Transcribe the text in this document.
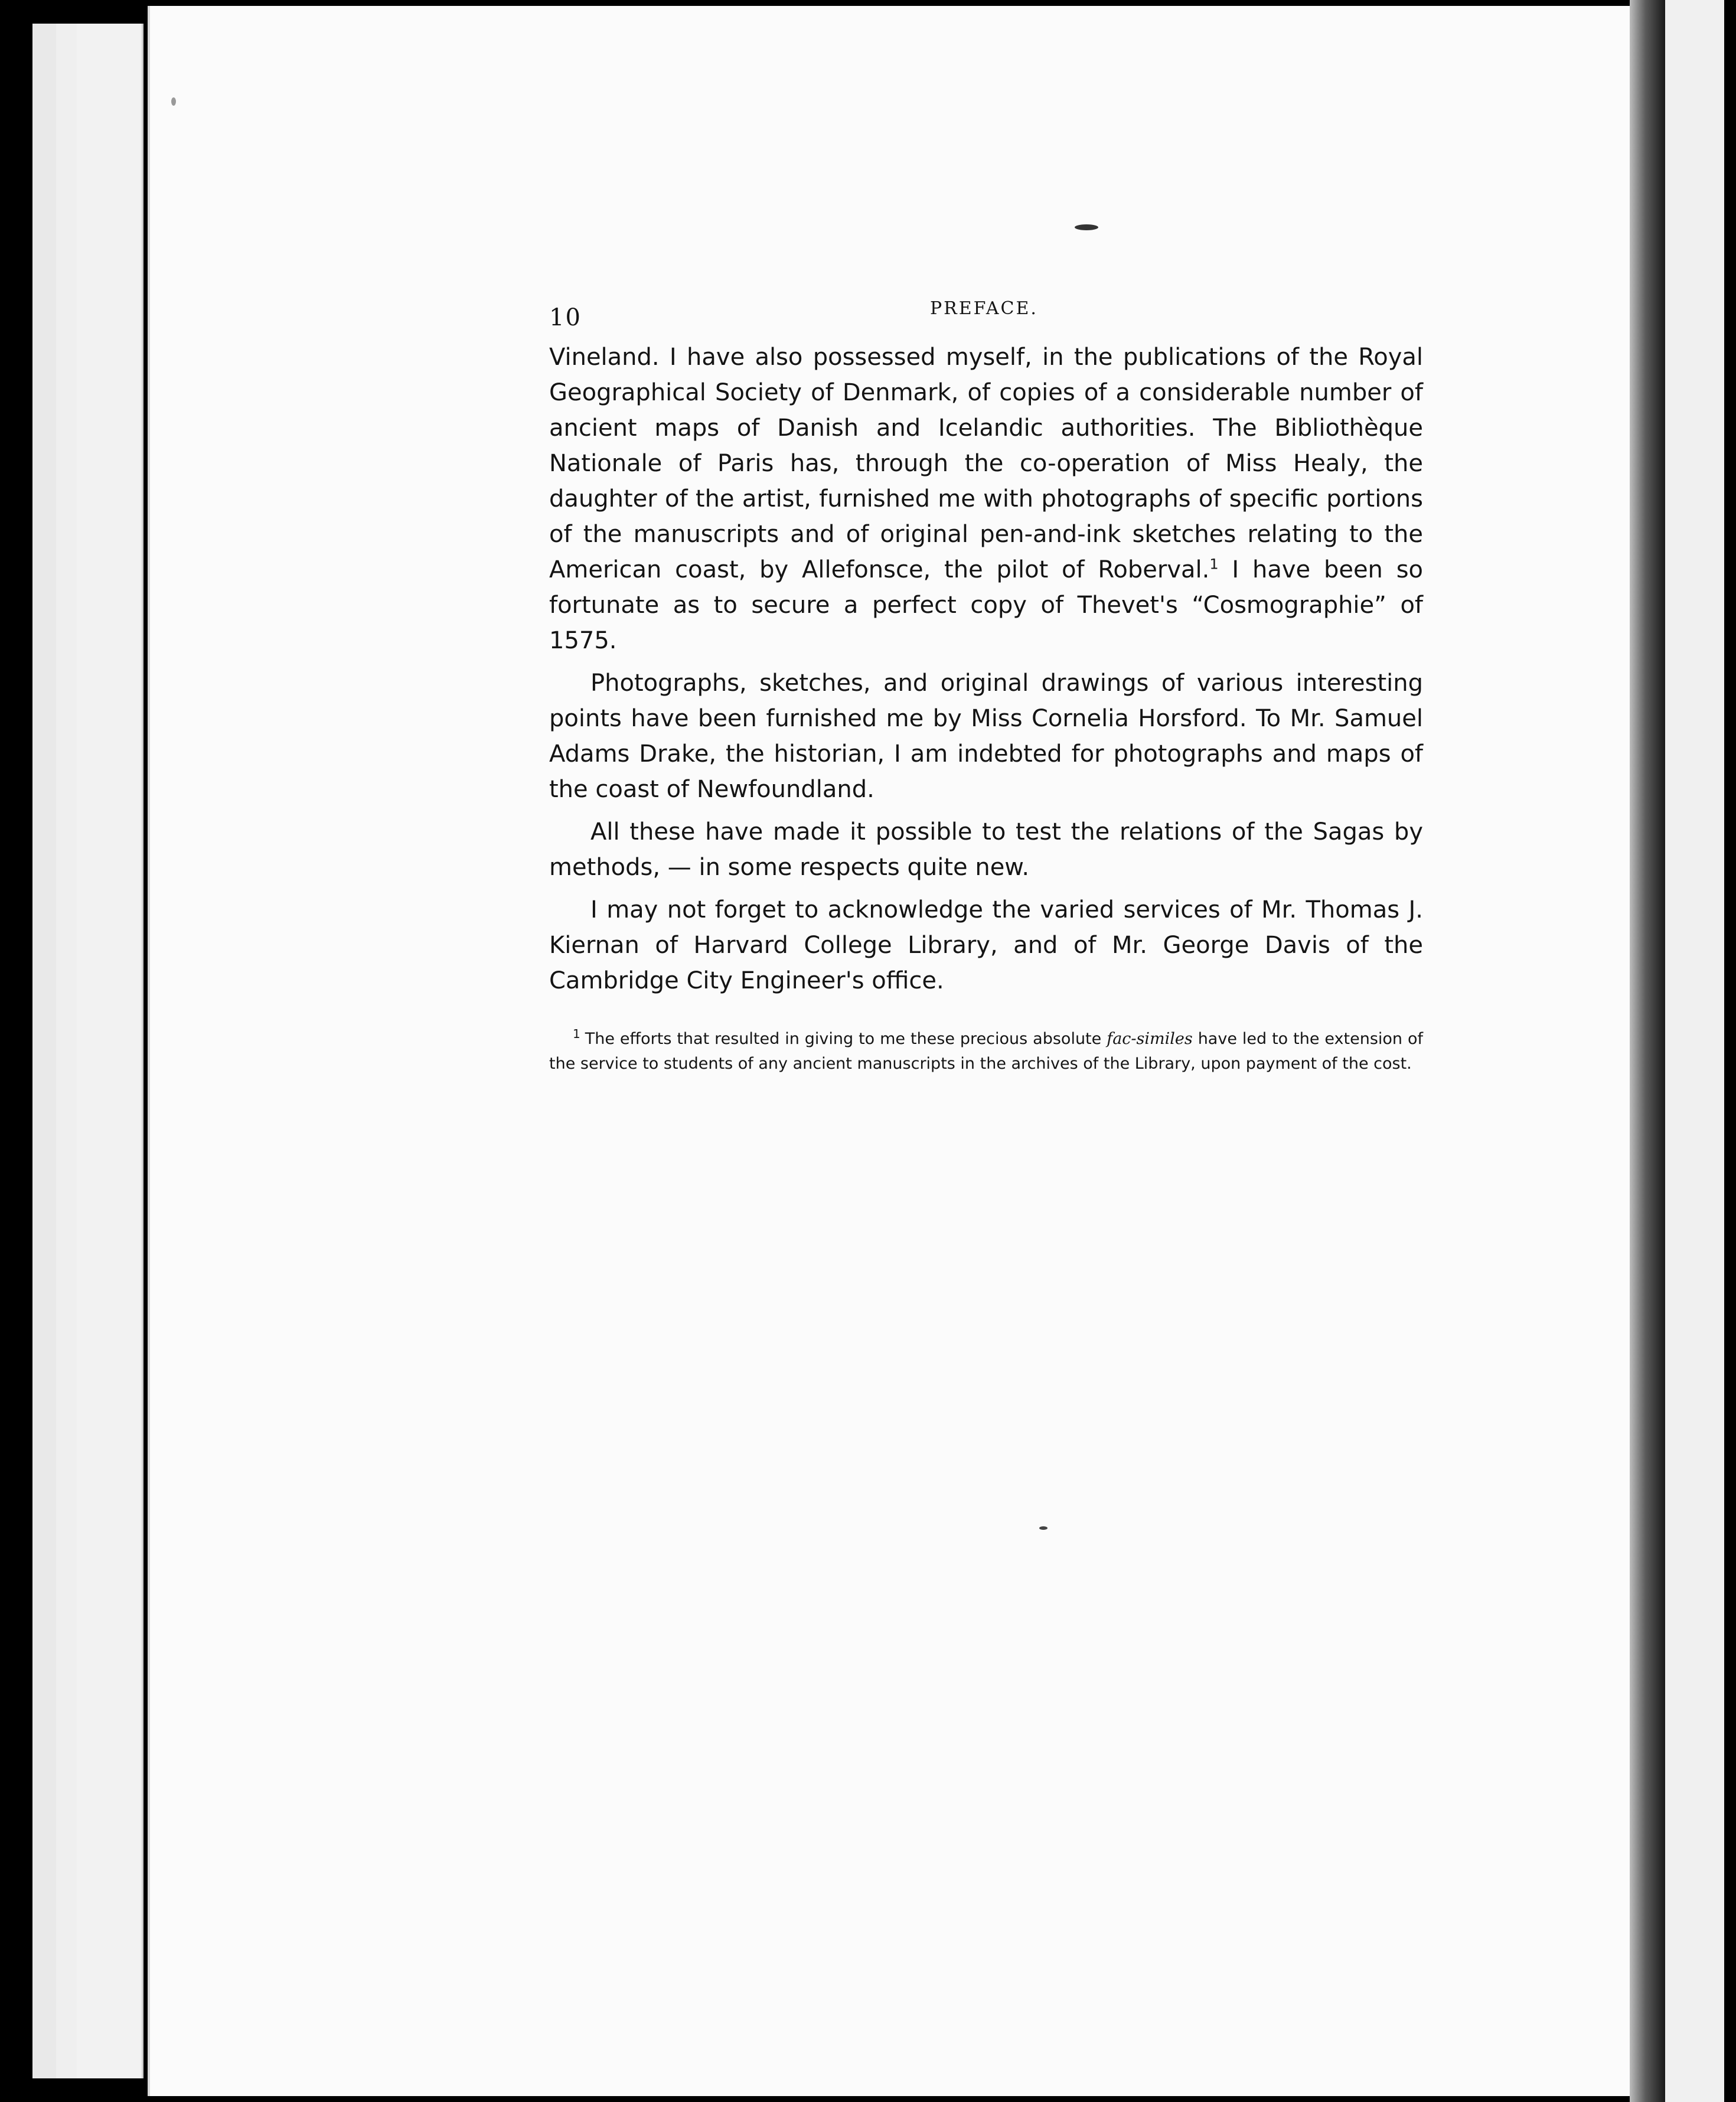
10	PREFACE.

Vineland. I have also possessed myself, in the publications of the Royal Geographical Society of Denmark, of copies of a considerable number of ancient maps of Danish and Icelandic authorities. The Bibliothèque Nationale of Paris has, through the co-operation of Miss Healy, the daughter of the artist, furnished me with photographs of specific portions of the manuscripts and of original pen-and-ink sketches relating to the American coast, by Allefonsce, the pilot of Roberval.$^1$ I have been so fortunate as to secure a perfect copy of Thevet's “Cosmographie” of 1575.

Photographs, sketches, and original drawings of various interesting points have been furnished me by Miss Cornelia Horsford. To Mr. Samuel Adams Drake, the historian, I am indebted for photographs and maps of the coast of Newfoundland.

All these have made it possible to test the relations of the Sagas by methods, — in some respects quite new.

I may not forget to acknowledge the varied services of Mr. Thomas J. Kiernan of Harvard College Library, and of Mr. George Davis of the Cambridge City Engineer's office.

$^1$ The efforts that resulted in giving to me these precious absolute fac-similes have led to the extension of the service to students of any ancient manuscripts in the archives of the Library, upon payment of the cost.
